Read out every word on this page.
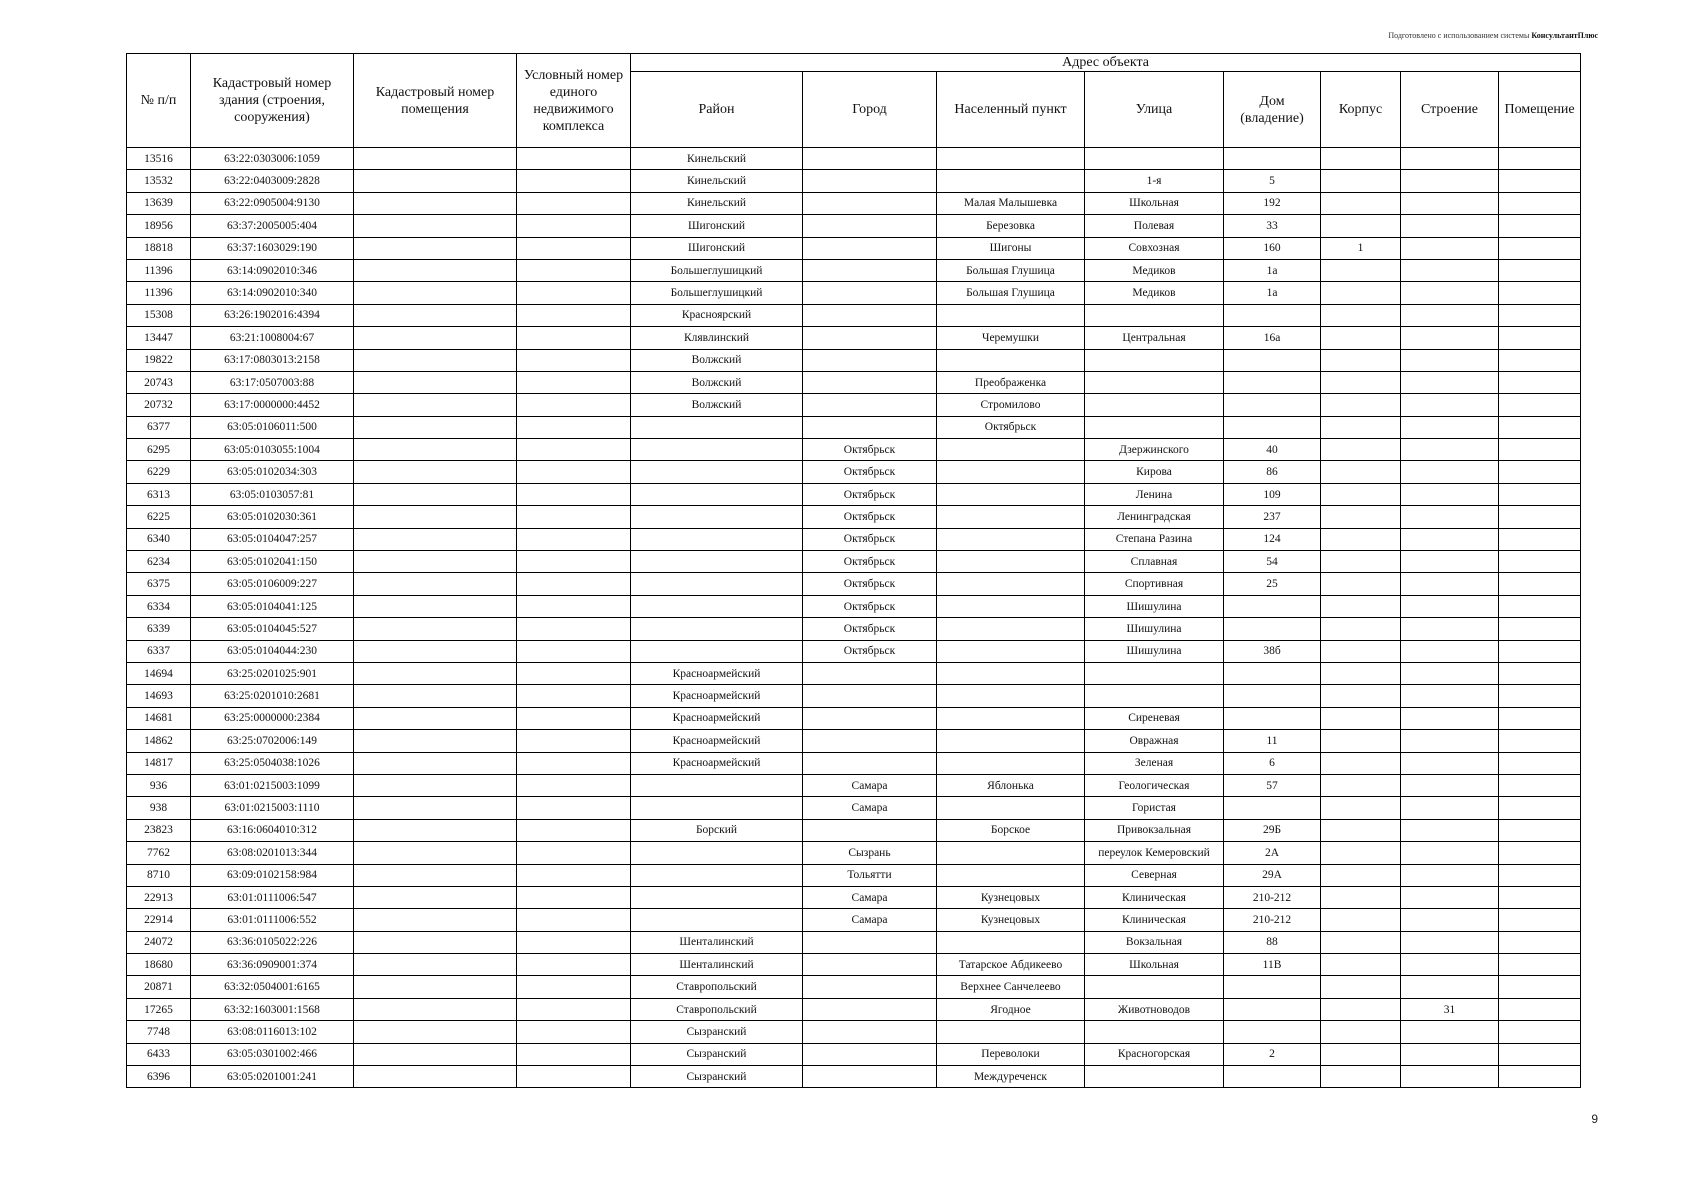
Подготовлено с использованием системы КонсультантПлюс
№ п/п	Кадастровый номер здания (строения, сооружения)	Кадастровый номер помещения	Условный номер единого недвижимого комплекса	Адрес объекта							
				Район	Город	Населенный пункт	Улица	Дом (владение)	Корпус	Строение	Помещение
13516	63:22:0303006:1059			Кинельский							
13532	63:22:0403009:2828			Кинельский			1-я	5			
13639	63:22:0905004:9130			Кинельский		Малая Малышевка	Школьная	192			
18956	63:37:2005005:404			Шигонский		Березовка	Полевая	33			
18818	63:37:1603029:190			Шигонский		Шигоны	Совхозная	160	1		
11396	63:14:0902010:346			Большеглушицкий		Большая Глушица	Медиков	1а			
11396	63:14:0902010:340			Большеглушицкий		Большая Глушица	Медиков	1а			
15308	63:26:1902016:4394			Красноярский							
13447	63:21:1008004:67			Клявлинский		Черемушки	Центральная	16а			
19822	63:17:0803013:2158			Волжский							
20743	63:17:0507003:88			Волжский		Преображенка					
20732	63:17:0000000:4452			Волжский		Стромилово					
6377	63:05:0106011:500					Октябрьск					
6295	63:05:0103055:1004				Октябрьск		Дзержинского	40			
6229	63:05:0102034:303				Октябрьск		Кирова	86			
6313	63:05:0103057:81				Октябрьск		Ленина	109			
6225	63:05:0102030:361				Октябрьск		Ленинградская	237			
6340	63:05:0104047:257				Октябрьск		Степана Разина	124			
6234	63:05:0102041:150				Октябрьск		Сплавная	54			
6375	63:05:0106009:227				Октябрьск		Спортивная	25			
6334	63:05:0104041:125				Октябрьск		Шишулина				
6339	63:05:0104045:527				Октябрьск		Шишулина				
6337	63:05:0104044:230				Октябрьск		Шишулина	38б			
14694	63:25:0201025:901			Красноармейский							
14693	63:25:0201010:2681			Красноармейский							
14681	63:25:0000000:2384			Красноармейский			Сиреневая				
14862	63:25:0702006:149			Красноармейский			Овражная	11			
14817	63:25:0504038:1026			Красноармейский			Зеленая	6			
936	63:01:0215003:1099				Самара	Яблонька	Геологическая	57			
938	63:01:0215003:1110				Самара		Гористая				
23823	63:16:0604010:312			Борский		Борское	Привокзальная	29Б			
7762	63:08:0201013:344				Сызрань		переулок Кемеровский	2А			
8710	63:09:0102158:984				Тольятти		Северная	29А			
22913	63:01:0111006:547				Самара	Кузнецовых	Клиническая	210-212			
22914	63:01:0111006:552				Самара	Кузнецовых	Клиническая	210-212			
24072	63:36:0105022:226			Шенталинский			Вокзальная	88			
18680	63:36:0909001:374			Шенталинский		Татарское Абдикеево	Школьная	11В			
20871	63:32:0504001:6165			Ставропольский		Верхнее Санчелеево					
17265	63:32:1603001:1568			Ставропольский		Ягодное	Животноводов			31	
7748	63:08:0116013:102			Сызранский							
6433	63:05:0301002:466			Сызранский		Переволоки	Красногорская	2			
6396	63:05:0201001:241			Сызранский		Междуреченск					
9
